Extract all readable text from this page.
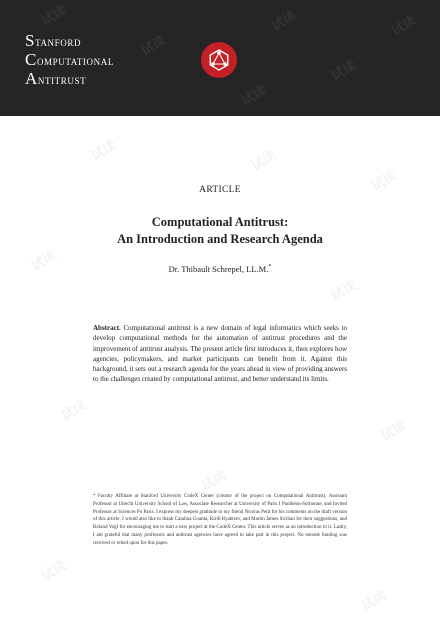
Stanford
Computational
Antitrust
试读
试读
试读
试读
试读
试读
试读	试读
试读
试读
试读
试读
试读
试读
试读
试读
ARTICLE
Computational Antitrust:
An Introduction and Research Agenda
Dr. Thibault Schrepel, LL.M.*
Abstract. Computational antitrust is a new domain of legal informatics which seeks to develop computational methods for the automation of antitrust procedures and the improvement of antitrust analysis. The present article first introduces it, then explores how agencies, policymakers, and market participants can benefit from it. Against this background, it sets out a research agenda for the years ahead in view of providing answers to the challenges created by computational antitrust, and better understand its limits.
* Faculty Affiliate at Stanford University CodeX Center (creator of the project on Computational Antitrust), Assistant Professor at Utrecht University School of Law, Associate Researcher at University of Paris I Panthéon-Sorbonne, and Invited Professor at Sciences Po Paris. I express my deepest gratitude to my friend Nicolas Petit for his comments on the draft version of this article. I would also like to thank Catalina Goanta, Kirill Ryabtsev, and Martin James Sicilian for their suggestions, and Roland Vogl for encouraging me to start a new project at the CodeX Center. This article serves as an introduction to it. Lastly, I am grateful that many professors and antitrust agencies have agreed to take part in this project. No outside funding was received or relied upon for this paper.
